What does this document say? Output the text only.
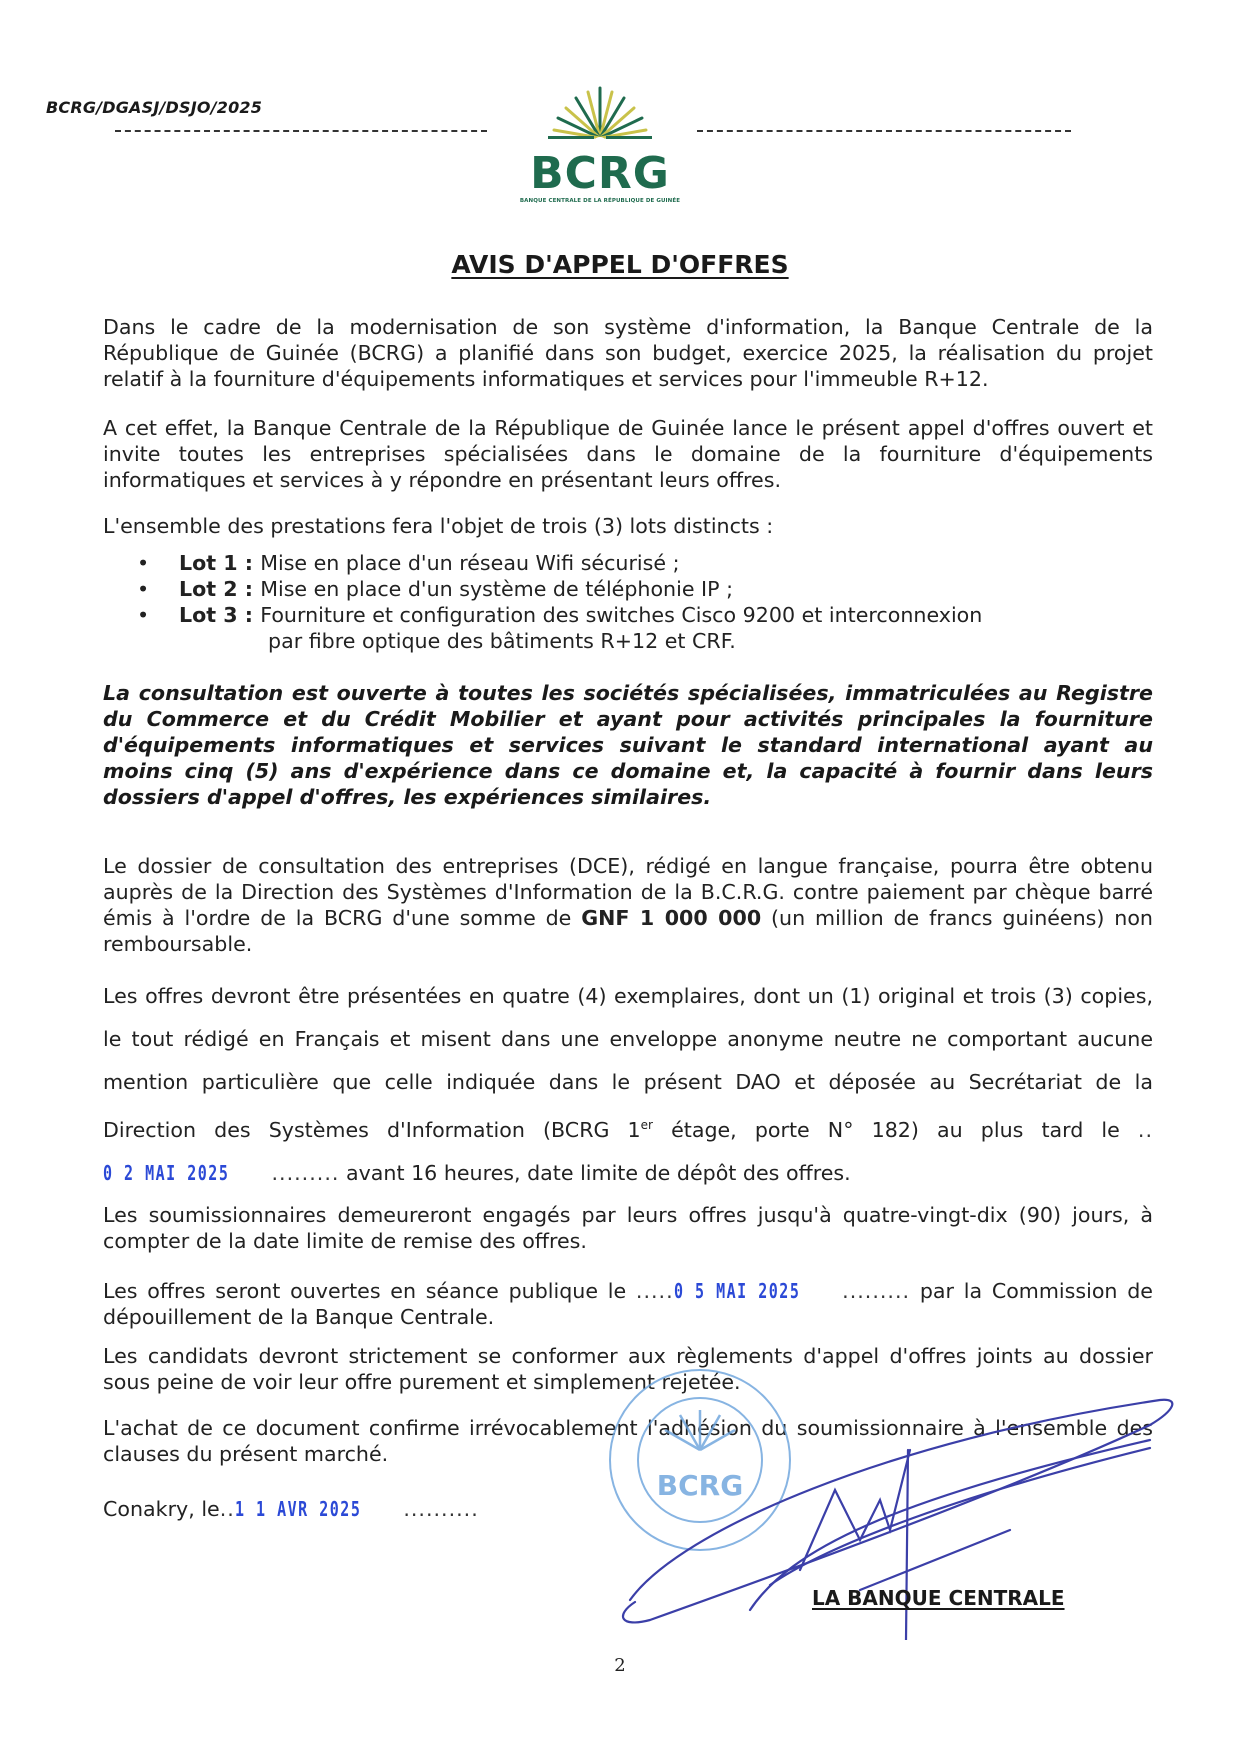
BCRG/DGASJ/DSJO/2025
BCRG
BANQUE CENTRALE DE LA RÉPUBLIQUE DE GUINÉE
AVIS D'APPEL D'OFFRES

Dans le cadre de la modernisation de son système d'information, la Banque Centrale de la République de Guinée (BCRG) a planifié dans son budget, exercice 2025, la réalisation du projet relatif à la fourniture d'équipements informatiques et services pour l'immeuble R+12.

A cet effet, la Banque Centrale de la République de Guinée lance le présent appel d'offres ouvert et invite toutes les entreprises spécialisées dans le domaine de la fourniture d'équipements informatiques et services à y répondre en présentant leurs offres.

L'ensemble des prestations fera l'objet de trois (3) lots distincts :

•	Lot 1 : Mise en place d'un réseau Wifi sécurisé ;
•	Lot 2 : Mise en place d'un système de téléphonie IP ;
•	Lot 3 : Fourniture et configuration des switches Cisco 9200 et interconnexion
par fibre optique des bâtiments R+12 et CRF.

La consultation est ouverte à toutes les sociétés spécialisées, immatriculées au Registre du Commerce et du Crédit Mobilier et ayant pour activités principales la fourniture d'équipements informatiques et services suivant le standard international ayant au moins cinq (5) ans d'expérience dans ce domaine et, la capacité à fournir dans leurs dossiers d'appel d'offres, les expériences similaires.

Le dossier de consultation des entreprises (DCE), rédigé en langue française, pourra être obtenu auprès de la Direction des Systèmes d'Information de la B.C.R.G. contre paiement par chèque barré émis à l'ordre de la BCRG d'une somme de GNF 1 000 000 (un million de francs guinéens) non remboursable.

Les offres devront être présentées en quatre (4) exemplaires, dont un (1) original et trois (3) copies, le tout rédigé en Français et misent dans une enveloppe anonyme neutre ne comportant aucune mention particulière que celle indiquée dans le présent DAO et déposée au Secrétariat de la Direction des Systèmes d'Information (BCRG 1er étage, porte N° 182) au plus tard le ..0 2 MAI 2025 ......... avant 16 heures, date limite de dépôt des offres.

Les soumissionnaires demeureront engagés par leurs offres jusqu'à quatre-vingt-dix (90) jours, à compter de la date limite de remise des offres.

Les offres seront ouvertes en séance publique le .....0 5 MAI 2025 ......... par la Commission de dépouillement de la Banque Centrale.

Les candidats devront strictement se conformer aux règlements d'appel d'offres joints au dossier sous peine de voir leur offre purement et simplement rejetée.

L'achat de ce document confirme irrévocablement l'adhésion du soumissionnaire à l'ensemble des clauses du présent marché.

Conakry, le..1 1 AVR 2025 ..........
BCRG
LA BANQUE CENTRALE
2
